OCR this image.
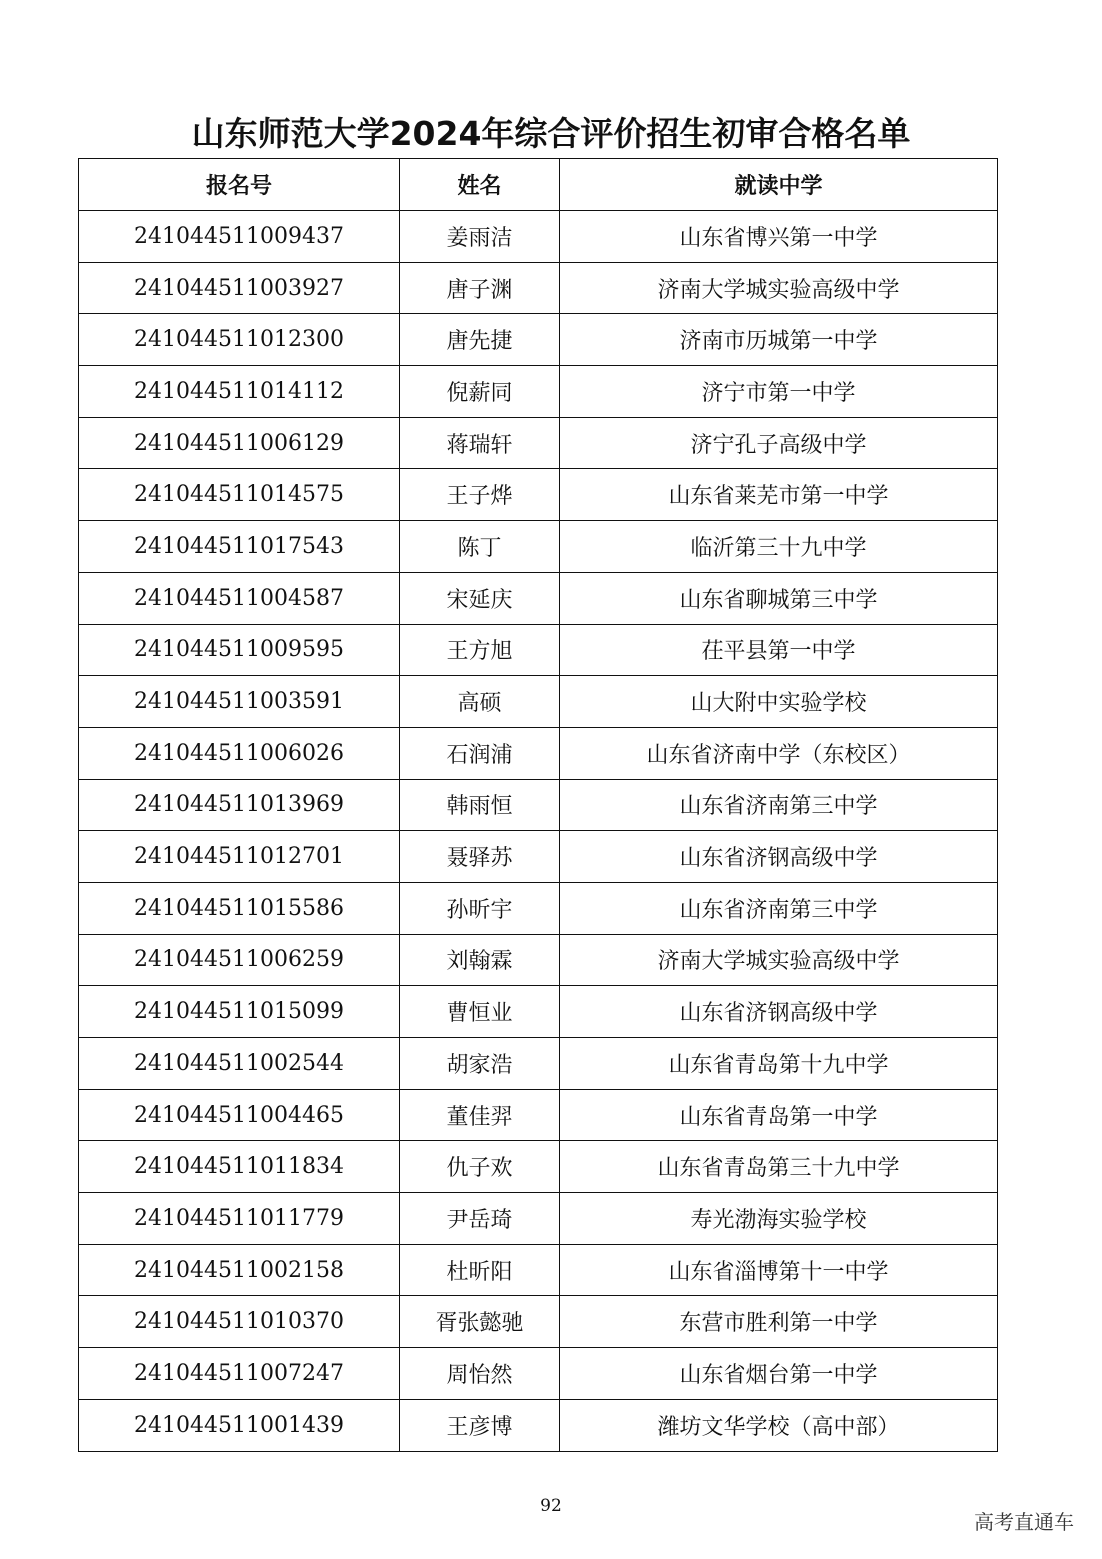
山东师范大学2024年综合评价招生初审合格名单
报名号	姓名	就读中学
241044511009437	姜雨洁	山东省博兴第一中学
241044511003927	唐子渊	济南大学城实验高级中学
241044511012300	唐先捷	济南市历城第一中学
241044511014112	倪薪同	济宁市第一中学
241044511006129	蒋瑞轩	济宁孔子高级中学
241044511014575	王子烨	山东省莱芜市第一中学
241044511017543	陈丁	临沂第三十九中学
241044511004587	宋延庆	山东省聊城第三中学
241044511009595	王方旭	茌平县第一中学
241044511003591	高硕	山大附中实验学校
241044511006026	石润浦	山东省济南中学（东校区）
241044511013969	韩雨恒	山东省济南第三中学
241044511012701	聂驿苏	山东省济钢高级中学
241044511015586	孙昕宇	山东省济南第三中学
241044511006259	刘翰霖	济南大学城实验高级中学
241044511015099	曹恒业	山东省济钢高级中学
241044511002544	胡家浩	山东省青岛第十九中学
241044511004465	董佳羿	山东省青岛第一中学
241044511011834	仇子欢	山东省青岛第三十九中学
241044511011779	尹岳琦	寿光渤海实验学校
241044511002158	杜昕阳	山东省淄博第十一中学
241044511010370	胥张懿驰	东营市胜利第一中学
241044511007247	周怡然	山东省烟台第一中学
241044511001439	王彦博	潍坊文华学校（高中部）
92
高考直通车
